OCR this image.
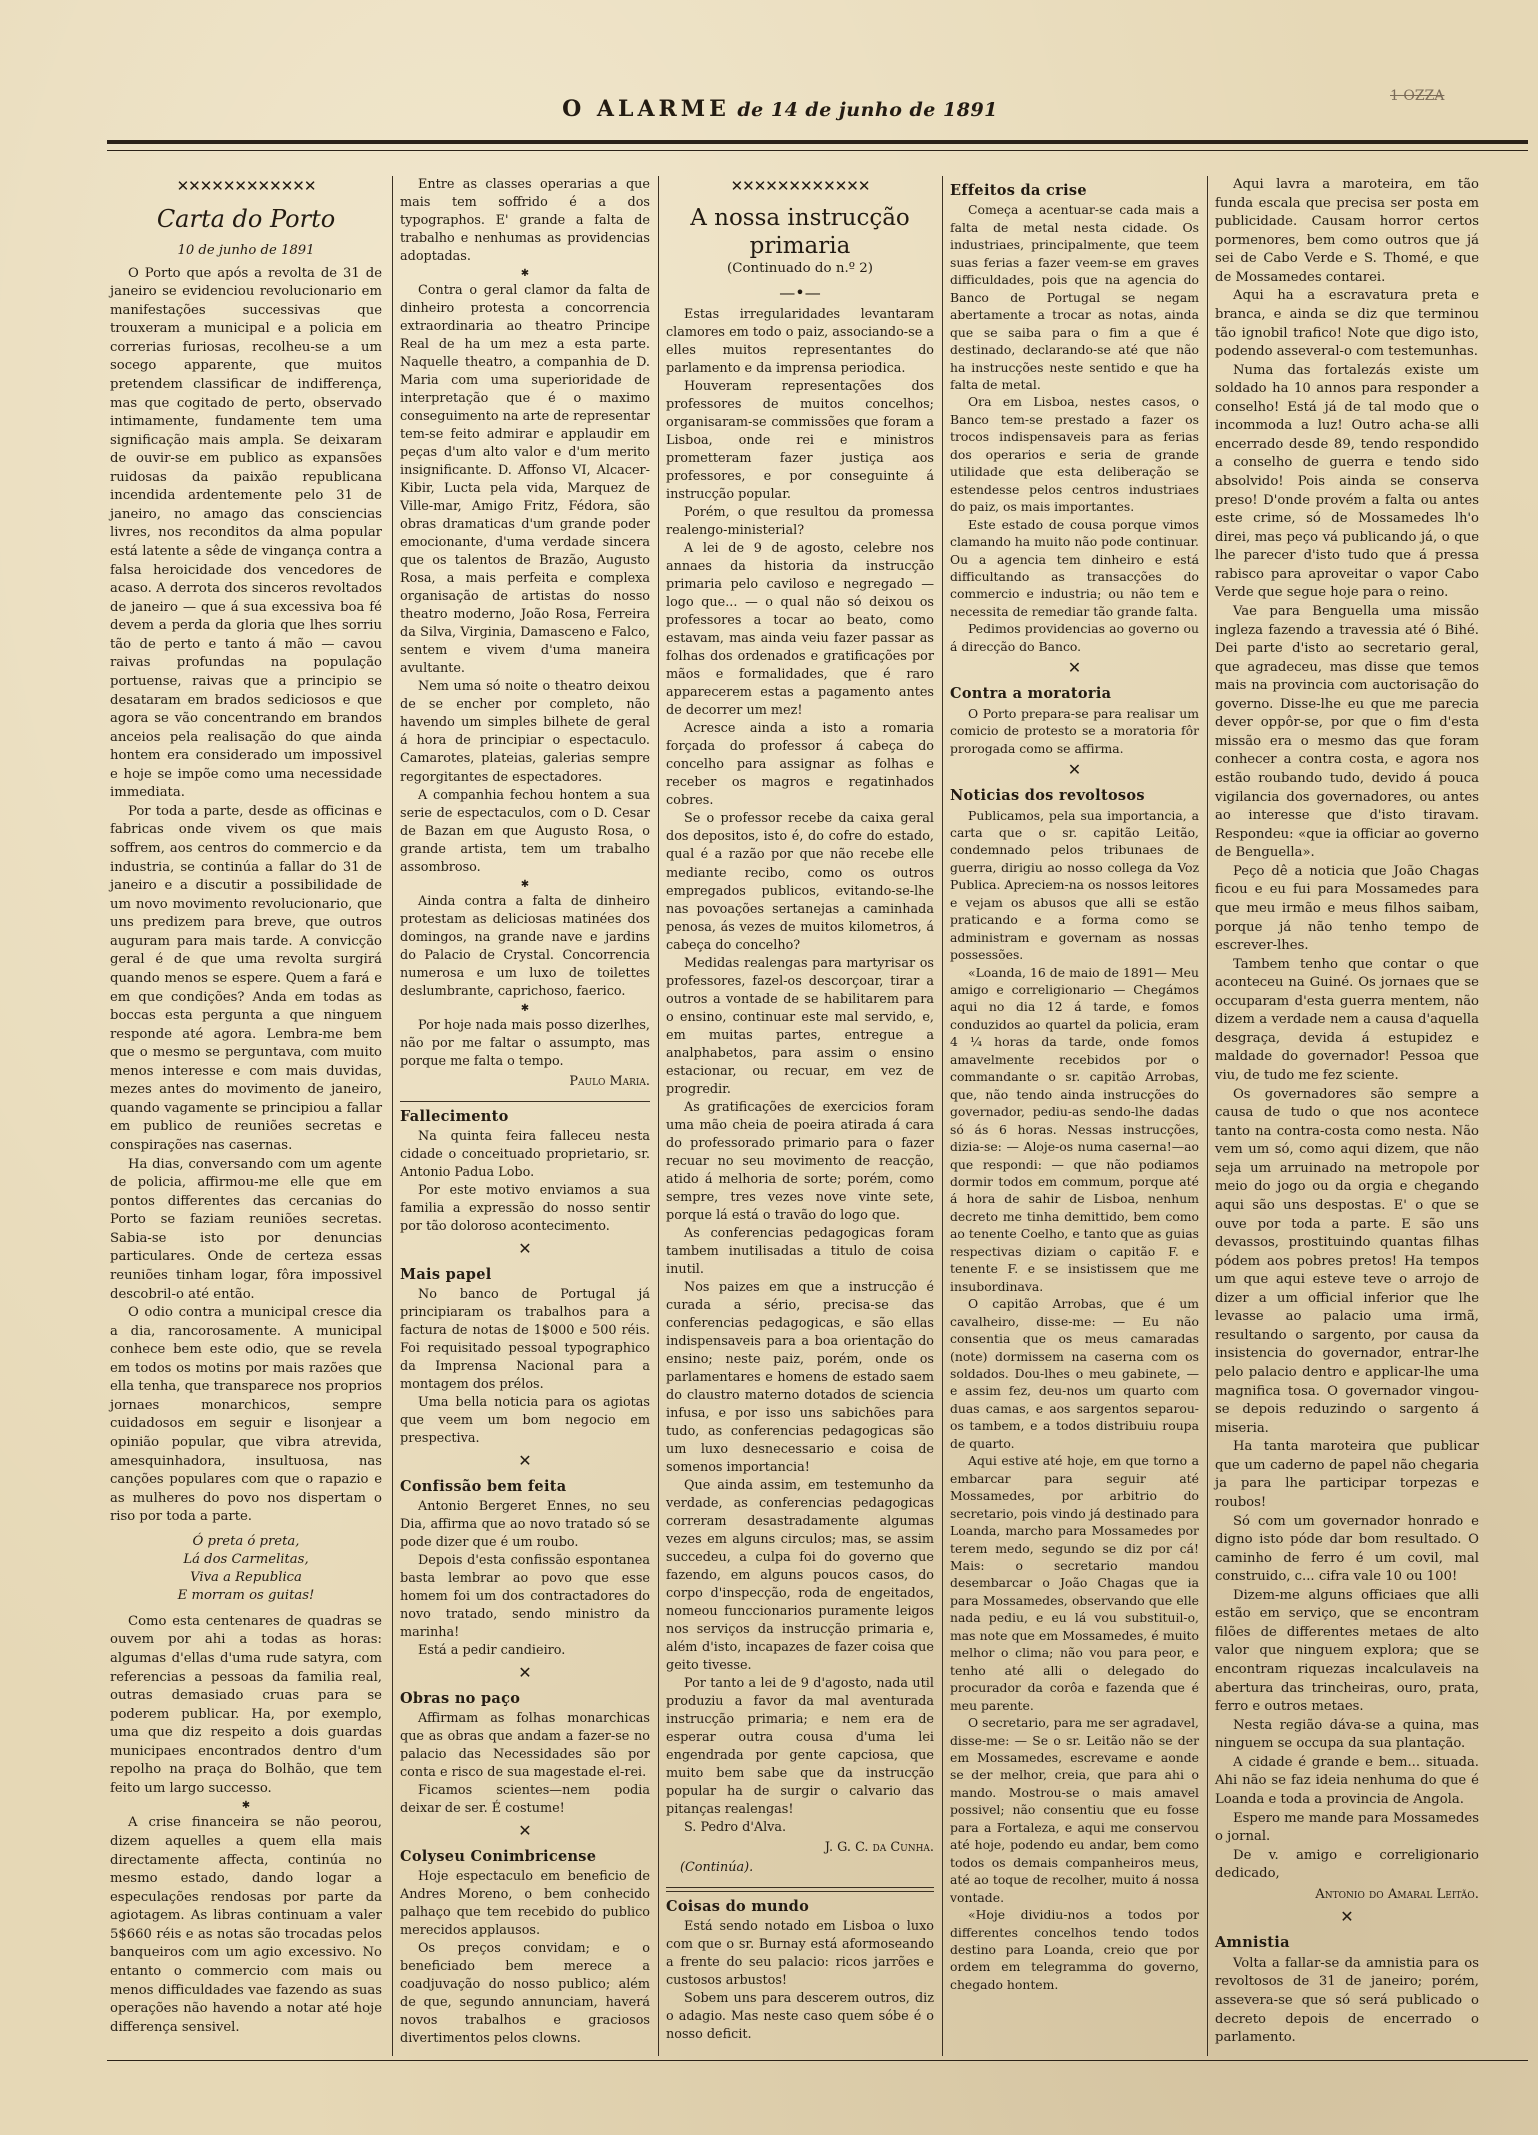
O ALARME de 14 de junho de 1891
1 OZZA
✕✕✕✕✕✕✕✕✕✕✕✕
Carta do Porto
10 de junho de 1891

O Porto que após a revolta de 31 de janeiro se evidenciou revolucionario em manifestações successivas que trouxeram a municipal e a policia em correrias furiosas, recolheu-se a um socego apparente, que muitos pretendem classificar de indifferença, mas que cogitado de perto, observado intimamente, fundamente tem uma significação mais ampla. Se deixaram de ouvir-se em publico as expansões ruidosas da paixão republicana incendida ardentemente pelo 31 de janeiro, no amago das consciencias livres, nos reconditos da alma popular está latente a sêde de vingança contra a falsa heroicidade dos vencedores de acaso. A derrota dos sinceros revoltados de janeiro — que á sua excessiva boa fé devem a perda da gloria que lhes sorriu tão de perto e tanto á mão — cavou raivas profundas na população portuense, raivas que a principio se desataram em brados sediciosos e que agora se vão concentrando em brandos anceios pela realisação do que ainda hontem era considerado um impossivel e hoje se impõe como uma necessidade immediata.

Por toda a parte, desde as officinas e fabricas onde vivem os que mais soffrem, aos centros do commercio e da industria, se continúa a fallar do 31 de janeiro e a discutir a possibilidade de um novo movimento revolucionario, que uns predizem para breve, que outros auguram para mais tarde. A convicção geral é de que uma revolta surgirá quando menos se espere. Quem a fará e em que condições? Anda em todas as boccas esta pergunta a que ninguem responde até agora. Lembra-me bem que o mesmo se perguntava, com muito menos interesse e com mais duvidas, mezes antes do movimento de janeiro, quando vagamente se principiou a fallar em publico de reuniões secretas e conspirações nas casernas.

Ha dias, conversando com um agente de policia, affirmou-me elle que em pontos differentes das cercanias do Porto se faziam reuniões secretas. Sabia-se isto por denuncias particulares. Onde de certeza essas reuniões tinham logar, fôra impossivel descobril-o até então.

O odio contra a municipal cresce dia a dia, rancorosamente. A municipal conhece bem este odio, que se revela em todos os motins por mais razões que ella tenha, que transparece nos proprios jornaes monarchicos, sempre cuidadosos em seguir e lisonjear a opinião popular, que vibra atrevida, amesquinhadora, insultuosa, nas canções populares com que o rapazio e as mulheres do povo nos dispertam o riso por toda a parte.

Ó preta ó preta,
Lá dos Carmelitas,
Viva a Republica
E morram os guitas!

Como esta centenares de quadras se ouvem por ahi a todas as horas: algumas d'ellas d'uma rude satyra, com referencias a pessoas da familia real, outras demasiado cruas para se poderem publicar. Ha, por exemplo, uma que diz respeito a dois guardas municipaes encontrados dentro d'um repolho na praça do Bolhão, que tem feito um largo successo.

✱

A crise financeira se não peorou, dizem aquelles a quem ella mais directamente affecta, continúa no mesmo estado, dando logar a especulações rendosas por parte da agiotagem. As libras continuam a valer 5$660 réis e as notas são trocadas pelos banqueiros com um agio excessivo. No entanto o commercio com mais ou menos difficuldades vae fazendo as suas operações não havendo a notar até hoje differença sensivel.

Entre as classes operarias a que mais tem soffrido é a dos typographos. E' grande a falta de trabalho e nenhumas as providencias adoptadas.

✱

Contra o geral clamor da falta de dinheiro protesta a concorrencia extraordinaria ao theatro Principe Real de ha um mez a esta parte. Naquelle theatro, a companhia de D. Maria com uma superioridade de interpretação que é o maximo conseguimento na arte de representar tem-se feito admirar e applaudir em peças d'um alto valor e d'um merito insignificante. D. Affonso VI, Alcacer-Kibir, Lucta pela vida, Marquez de Ville-mar, Amigo Fritz, Fédora, são obras dramaticas d'um grande poder emocionante, d'uma verdade sincera que os talentos de Brazão, Augusto Rosa, a mais perfeita e complexa organisação de artistas do nosso theatro moderno, João Rosa, Ferreira da Silva, Virginia, Damasceno e Falco, sentem e vivem d'uma maneira avultante.

Nem uma só noite o theatro deixou de se encher por completo, não havendo um simples bilhete de geral á hora de principiar o espectaculo. Camarotes, plateias, galerias sempre regorgitantes de espectadores.

A companhia fechou hontem a sua serie de espectaculos, com o D. Cesar de Bazan em que Augusto Rosa, o grande artista, tem um trabalho assombroso.

✱

Ainda contra a falta de dinheiro protestam as deliciosas matinées dos domingos, na grande nave e jardins do Palacio de Crystal. Concorrencia numerosa e um luxo de toilettes deslumbrante, caprichoso, faerico.

✱

Por hoje nada mais posso dizerlhes, não por me faltar o assumpto, mas porque me falta o tempo.

Paulo Maria.
Fallecimento

Na quinta feira falleceu nesta cidade o conceituado proprietario, sr. Antonio Padua Lobo.

Por este motivo enviamos a sua familia a expressão do nosso sentir por tão doloroso acontecimento.

✕
Mais papel

No banco de Portugal já principiaram os trabalhos para a factura de notas de 1$000 e 500 réis. Foi requisitado pessoal typographico da Imprensa Nacional para a montagem dos prélos.

Uma bella noticia para os agiotas que veem um bom negocio em prespectiva.

✕
Confissão bem feita

Antonio Bergeret Ennes, no seu Dia, affirma que ao novo tratado só se pode dizer que é um roubo.

Depois d'esta confissão espontanea basta lembrar ao povo que esse homem foi um dos contractadores do novo tratado, sendo ministro da marinha!

Está a pedir candieiro.

✕
Obras no paço

Affirmam as folhas monarchicas que as obras que andam a fazer-se no palacio das Necessidades são por conta e risco de sua magestade el-rei.

Ficamos scientes—nem podia deixar de ser. É costume!

✕
Colyseu Conimbricense

Hoje espectaculo em beneficio de Andres Moreno, o bem conhecido palhaço que tem recebido do publico merecidos applausos.

Os preços convidam; e o beneficiado bem merece a coadjuvação do nosso publico; além de que, segundo annunciam, haverá novos trabalhos e graciosos divertimentos pelos clowns.

✕✕✕✕✕✕✕✕✕✕✕✕
A nossa instrucção primaria
(Continuado do n.º 2)
—•—

Estas irregularidades levantaram clamores em todo o paiz, associando-se a elles muitos representantes do parlamento e da imprensa periodica.

Houveram representações dos professores de muitos concelhos; organisaram-se commissões que foram a Lisboa, onde rei e ministros prometteram fazer justiça aos professores, e por conseguinte á instrucção popular.

Porém, o que resultou da promessa realengo-ministerial?

A lei de 9 de agosto, celebre nos annaes da historia da instrucção primaria pelo caviloso e negregado — logo que... — o qual não só deixou os professores a tocar ao beato, como estavam, mas ainda veiu fazer passar as folhas dos ordenados e gratificações por mãos e formalidades, que é raro apparecerem estas a pagamento antes de decorrer um mez!

Acresce ainda a isto a romaria forçada do professor á cabeça do concelho para assignar as folhas e receber os magros e regatinhados cobres.

Se o professor recebe da caixa geral dos depositos, isto é, do cofre do estado, qual é a razão por que não recebe elle mediante recibo, como os outros empregados publicos, evitando-se-lhe nas povoações sertanejas a caminhada penosa, ás vezes de muitos kilometros, á cabeça do concelho?

Medidas realengas para martyrisar os professores, fazel-os descorçoar, tirar a outros a vontade de se habilitarem para o ensino, continuar este mal servido, e, em muitas partes, entregue a analphabetos, para assim o ensino estacionar, ou recuar, em vez de progredir.

As gratificações de exercicios foram uma mão cheia de poeira atirada á cara do professorado primario para o fazer recuar no seu movimento de reacção, atido á melhoria de sorte; porém, como sempre, tres vezes nove vinte sete, porque lá está o travão do logo que.

As conferencias pedagogicas foram tambem inutilisadas a titulo de coisa inutil.

Nos paizes em que a instrucção é curada a sério, precisa-se das conferencias pedagogicas, e são ellas indispensaveis para a boa orientação do ensino; neste paiz, porém, onde os parlamentares e homens de estado saem do claustro materno dotados de sciencia infusa, e por isso uns sabichões para tudo, as conferencias pedagogicas são um luxo desnecessario e coisa de somenos importancia!

Que ainda assim, em testemunho da verdade, as conferencias pedagogicas correram desastradamente algumas vezes em alguns circulos; mas, se assim succedeu, a culpa foi do governo que fazendo, em alguns poucos casos, do corpo d'inspecção, roda de engeitados, nomeou funccionarios puramente leigos nos serviços da instrucção primaria e, além d'isto, incapazes de fazer coisa que geito tivesse.

Por tanto a lei de 9 d'agosto, nada util produziu a favor da mal aventurada instrucção primaria; e nem era de esperar outra cousa d'uma lei engendrada por gente capciosa, que muito bem sabe que da instrucção popular ha de surgir o calvario das pitanças realengas!

S. Pedro d'Alva.

J. G. C. da Cunha.
(Continúa).
Coisas do mundo

Está sendo notado em Lisboa o luxo com que o sr. Burnay está aformoseando a frente do seu palacio: ricos jarrões e custosos arbustos!

Sobem uns para descerem outros, diz o adagio. Mas neste caso quem sóbe é o nosso deficit.

Effeitos da crise

Começa a acentuar-se cada mais a falta de metal nesta cidade. Os industriaes, principalmente, que teem suas ferias a fazer veem-se em graves difficuldades, pois que na agencia do Banco de Portugal se negam abertamente a trocar as notas, ainda que se saiba para o fim a que é destinado, declarando-se até que não ha instrucções neste sentido e que ha falta de metal.

Ora em Lisboa, nestes casos, o Banco tem-se prestado a fazer os trocos indispensaveis para as ferias dos operarios e seria de grande utilidade que esta deliberação se estendesse pelos centros industriaes do paiz, os mais importantes.

Este estado de cousa porque vimos clamando ha muito não pode continuar. Ou a agencia tem dinheiro e está difficultando as transacções do commercio e industria; ou não tem e necessita de remediar tão grande falta.

Pedimos providencias ao governo ou á direcção do Banco.

✕
Contra a moratoria

O Porto prepara-se para realisar um comicio de protesto se a moratoria fôr prorogada como se affirma.

✕
Noticias dos revoltosos

Publicamos, pela sua importancia, a carta que o sr. capitão Leitão, condemnado pelos tribunaes de guerra, dirigiu ao nosso collega da Voz Publica. Apreciem-na os nossos leitores e vejam os abusos que alli se estão praticando e a forma como se administram e governam as nossas possessões.

«Loanda, 16 de maio de 1891— Meu amigo e correligionario — Chegámos aqui no dia 12 á tarde, e fomos conduzidos ao quartel da policia, eram 4 ¼ horas da tarde, onde fomos amavelmente recebidos por o commandante o sr. capitão Arrobas, que, não tendo ainda instrucções do governador, pediu-as sendo-lhe dadas só ás 6 horas. Nessas instrucções, dizia-se: — Aloje-os numa caserna!—ao que respondi: — que não podiamos dormir todos em commum, porque até á hora de sahir de Lisboa, nenhum decreto me tinha demittido, bem como ao tenente Coelho, e tanto que as guias respectivas diziam o capitão F. e tenente F. e se insistissem que me insubordinava.

O capitão Arrobas, que é um cavalheiro, disse-me: — Eu não consentia que os meus camaradas (note) dormissem na caserna com os soldados. Dou-lhes o meu gabinete, — e assim fez, deu-nos um quarto com duas camas, e aos sargentos separou-os tambem, e a todos distribuiu roupa de quarto.

Aqui estive até hoje, em que torno a embarcar para seguir até Mossamedes, por arbitrio do secretario, pois vindo já destinado para Loanda, marcho para Mossamedes por terem medo, segundo se diz por cá! Mais: o secretario mandou desembarcar o João Chagas que ia para Mossamedes, observando que elle nada pediu, e eu lá vou substituil-o, mas note que em Mossamedes, é muito melhor o clima; não vou para peor, e tenho até alli o delegado do procurador da corôa e fazenda que é meu parente.

O secretario, para me ser agradavel, disse-me: — Se o sr. Leitão não se der em Mossamedes, escrevame e aonde se der melhor, creia, que para ahi o mando. Mostrou-se o mais amavel possivel; não consentiu que eu fosse para a Fortaleza, e aqui me conservou até hoje, podendo eu andar, bem como todos os demais companheiros meus, até ao toque de recolher, muito á nossa vontade.

«Hoje dividiu-nos a todos por differentes concelhos tendo todos destino para Loanda, creio que por ordem em telegramma do governo, chegado hontem.

Aqui lavra a maroteira, em tão funda escala que precisa ser posta em publicidade. Causam horror certos pormenores, bem como outros que já sei de Cabo Verde e S. Thomé, e que de Mossamedes contarei.

Aqui ha a escravatura preta e branca, e ainda se diz que terminou tão ignobil trafico! Note que digo isto, podendo asseveral-o com testemunhas.

Numa das fortalezás existe um soldado ha 10 annos para responder a conselho! Está já de tal modo que o incommoda a luz! Outro acha-se alli encerrado desde 89, tendo respondido a conselho de guerra e tendo sido absolvido! Pois ainda se conserva preso! D'onde provém a falta ou antes este crime, só de Mossamedes lh'o direi, mas peço vá publicando já, o que lhe parecer d'isto tudo que á pressa rabisco para aproveitar o vapor Cabo Verde que segue hoje para o reino.

Vae para Benguella uma missão ingleza fazendo a travessia até ó Bihé. Dei parte d'isto ao secretario geral, que agradeceu, mas disse que temos mais na provincia com auctorisação do governo. Disse-lhe eu que me parecia dever oppôr-se, por que o fim d'esta missão era o mesmo das que foram conhecer a contra costa, e agora nos estão roubando tudo, devido á pouca vigilancia dos governadores, ou antes ao interesse que d'isto tiravam. Respondeu: «que ia officiar ao governo de Benguella».

Peço dê a noticia que João Chagas ficou e eu fui para Mossamedes para que meu irmão e meus filhos saibam, porque já não tenho tempo de escrever-lhes.

Tambem tenho que contar o que aconteceu na Guiné. Os jornaes que se occuparam d'esta guerra mentem, não dizem a verdade nem a causa d'aquella desgraça, devida á estupidez e maldade do governador! Pessoa que viu, de tudo me fez sciente.

Os governadores são sempre a causa de tudo o que nos acontece tanto na contra-costa como nesta. Não vem um só, como aqui dizem, que não seja um arruinado na metropole por meio do jogo ou da orgia e chegando aqui são uns despostas. E' o que se ouve por toda a parte. E são uns devassos, prostituindo quantas filhas pódem aos pobres pretos! Ha tempos um que aqui esteve teve o arrojo de dizer a um official inferior que lhe levasse ao palacio uma irmã, resultando o sargento, por causa da insistencia do governador, entrar-lhe pelo palacio dentro e applicar-lhe uma magnifica tosa. O governador vingou-se depois reduzindo o sargento á miseria.

Ha tanta maroteira que publicar que um caderno de papel não chegaria ja para lhe participar torpezas e roubos!

Só com um governador honrado e digno isto póde dar bom resultado. O caminho de ferro é um covil, mal construido, c... cifra vale 10 ou 100!

Dizem-me alguns officiaes que alli estão em serviço, que se encontram filões de differentes metaes de alto valor que ninguem explora; que se encontram riquezas incalculaveis na abertura das trincheiras, ouro, prata, ferro e outros metaes.

Nesta região dáva-se a quina, mas ninguem se occupa da sua plantação.

A cidade é grande e bem... situada. Ahi não se faz ideia nenhuma do que é Loanda e toda a provincia de Angola.

Espero me mande para Mossamedes o jornal.

De v. amigo e correligionario dedicado,

Antonio do Amaral Leitão.
✕
Amnistia

Volta a fallar-se da amnistia para os revoltosos de 31 de janeiro; porém, assevera-se que só será publicado o decreto depois de encerrado o parlamento.
